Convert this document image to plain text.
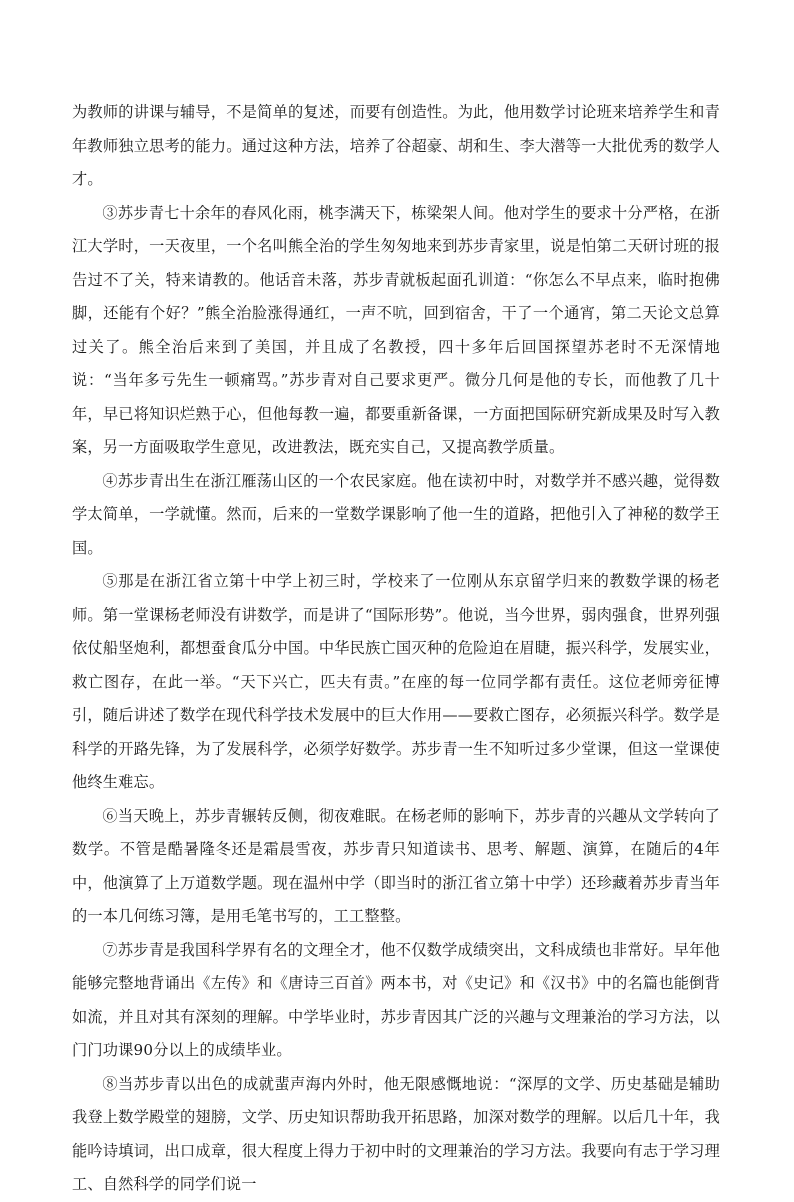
为教师的讲课与辅导，不是简单的复述，而要有创造性。为此，他用数学讨论班来培养学生和青年教师独立思考的能力。通过这种方法，培养了谷超豪、胡和生、李大潜等一大批优秀的数学人才。

③苏步青七十余年的春风化雨，桃李满天下，栋梁架人间。他对学生的要求十分严格，在浙江大学时，一天夜里，一个名叫熊全治的学生匆匆地来到苏步青家里，说是怕第二天研讨班的报告过不了关，特来请教的。他话音未落，苏步青就板起面孔训道：“你怎么不早点来，临时抱佛脚，还能有个好？”熊全治脸涨得通红，一声不吭，回到宿舍，干了一个通宵，第二天论文总算过关了。熊全治后来到了美国，并且成了名教授，四十多年后回国探望苏老时不无深情地说：“当年多亏先生一顿痛骂。”苏步青对自己要求更严。微分几何是他的专长，而他教了几十年，早已将知识烂熟于心，但他每教一遍，都要重新备课，一方面把国际研究新成果及时写入教案，另一方面吸取学生意见，改进教法，既充实自己，又提高教学质量。

④苏步青出生在浙江雁荡山区的一个农民家庭。他在读初中时，对数学并不感兴趣，觉得数学太简单，一学就懂。然而，后来的一堂数学课影响了他一生的道路，把他引入了神秘的数学王国。

⑤那是在浙江省立第十中学上初三时，学校来了一位刚从东京留学归来的教数学课的杨老师。第一堂课杨老师没有讲数学，而是讲了“国际形势”。他说，当今世界，弱肉强食，世界列强依仗船坚炮利，都想蚕食瓜分中国。中华民族亡国灭种的危险迫在眉睫，振兴科学，发展实业，救亡图存，在此一举。“天下兴亡，匹夫有责。”在座的每一位同学都有责任。这位老师旁征博引，随后讲述了数学在现代科学技术发展中的巨大作用——要救亡图存，必须振兴科学。数学是科学的开路先锋，为了发展科学，必须学好数学。苏步青一生不知听过多少堂课，但这一堂课使他终生难忘。

⑥当天晚上，苏步青辗转反侧，彻夜难眠。在杨老师的影响下，苏步青的兴趣从文学转向了数学。不管是酷暑隆冬还是霜晨雪夜，苏步青只知道读书、思考、解题、演算，在随后的4年中，他演算了上万道数学题。现在温州中学（即当时的浙江省立第十中学）还珍藏着苏步青当年的一本几何练习簿，是用毛笔书写的，工工整整。

⑦苏步青是我国科学界有名的文理全才，他不仅数学成绩突出，文科成绩也非常好。早年他能够完整地背诵出《左传》和《唐诗三百首》两本书，对《史记》和《汉书》中的名篇也能倒背如流，并且对其有深刻的理解。中学毕业时，苏步青因其广泛的兴趣与文理兼治的学习方法，以门门功课90分以上的成绩毕业。

⑧当苏步青以出色的成就蜚声海内外时，他无限感慨地说：“深厚的文学、历史基础是辅助我登上数学殿堂的翅膀，文学、历史知识帮助我开拓思路，加深对数学的理解。以后几十年，我能吟诗填词，出口成章，很大程度上得力于初中时的文理兼治的学习方法。我要向有志于学习理工、自然科学的同学们说一
